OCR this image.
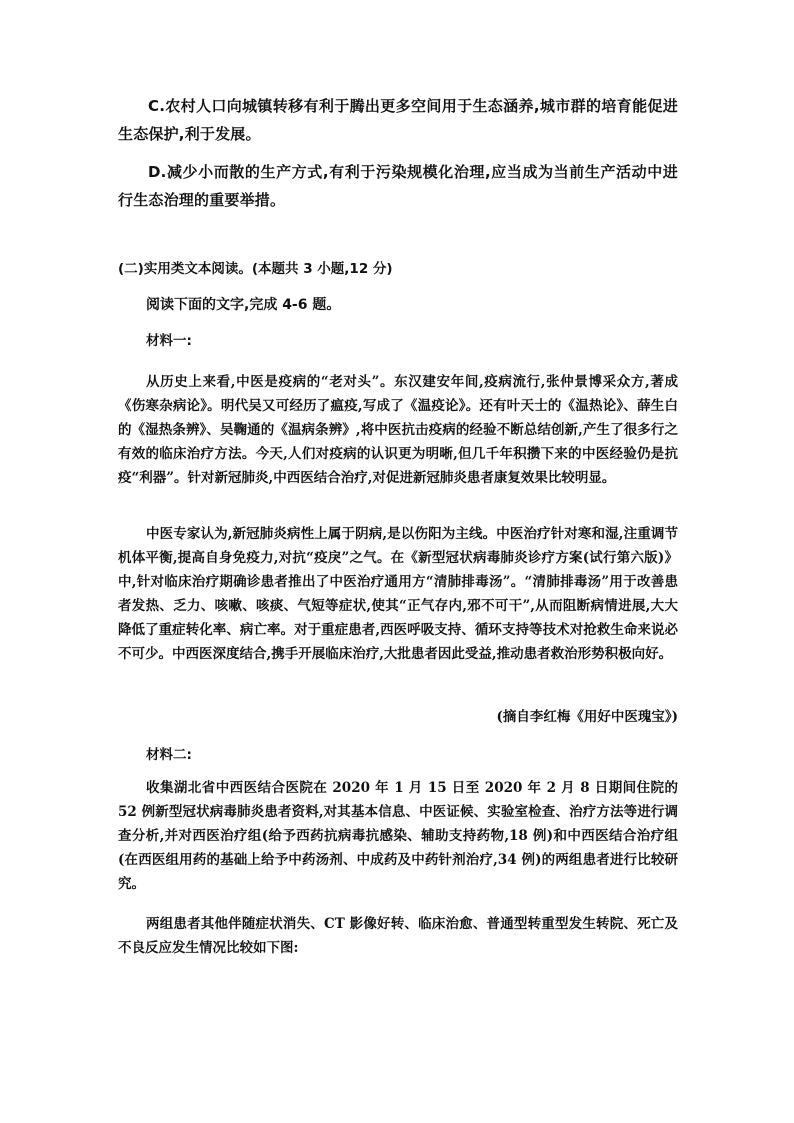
C.农村人口向城镇转移有利于腾出更多空间用于生态涵养,城市群的培育能促进生态保护,利于发展。

D.减少小而散的生产方式,有利于污染规模化治理,应当成为当前生产活动中进行生态治理的重要举措。

(二)实用类文本阅读。(本题共 3 小题,12 分)

阅读下面的文字,完成 4-6 题。

材料一:

从历史上来看,中医是疫病的“老对头”。东汉建安年间,疫病流行,张仲景博采众方,著成《伤寒杂病论》。明代吴又可经历了瘟疫,写成了《温疫论》。还有叶天士的《温热论》、薛生白的《湿热条辨》、吴鞠通的《温病条辨》,将中医抗击疫病的经验不断总结创新,产生了很多行之有效的临床治疗方法。今天,人们对疫病的认识更为明晰,但几千年积攒下来的中医经验仍是抗疫“利器”。针对新冠肺炎,中西医结合治疗,对促进新冠肺炎患者康复效果比较明显。

中医专家认为,新冠肺炎病性上属于阴病,是以伤阳为主线。中医治疗针对寒和湿,注重调节机体平衡,提高自身免疫力,对抗“疫戾”之气。在《新型冠状病毒肺炎诊疗方案(试行第六版)》中,针对临床治疗期确诊患者推出了中医治疗通用方“清肺排毒汤”。“清肺排毒汤”用于改善患者发热、乏力、咳嗽、咳痰、气短等症状,使其“正气存内,邪不可干”,从而阻断病情进展,大大降低了重症转化率、病亡率。对于重症患者,西医呼吸支持、循环支持等技术对抢救生命来说必不可少。中西医深度结合,携手开展临床治疗,大批患者因此受益,推动患者救治形势积极向好。

(摘自李红梅《用好中医瑰宝》)

材料二:

收集湖北省中西医结合医院在 2020 年 1 月 15 日至 2020 年 2 月 8 日期间住院的 52 例新型冠状病毒肺炎患者资料,对其基本信息、中医证候、实验室检查、治疗方法等进行调查分析,并对西医治疗组(给予西药抗病毒抗感染、辅助支持药物,18 例)和中西医结合治疗组(在西医组用药的基础上给予中药汤剂、中成药及中药针剂治疗,34 例)的两组患者进行比较研究。

两组患者其他伴随症状消失、CT 影像好转、临床治愈、普通型转重型发生转院、死亡及不良反应发生情况比较如下图:
